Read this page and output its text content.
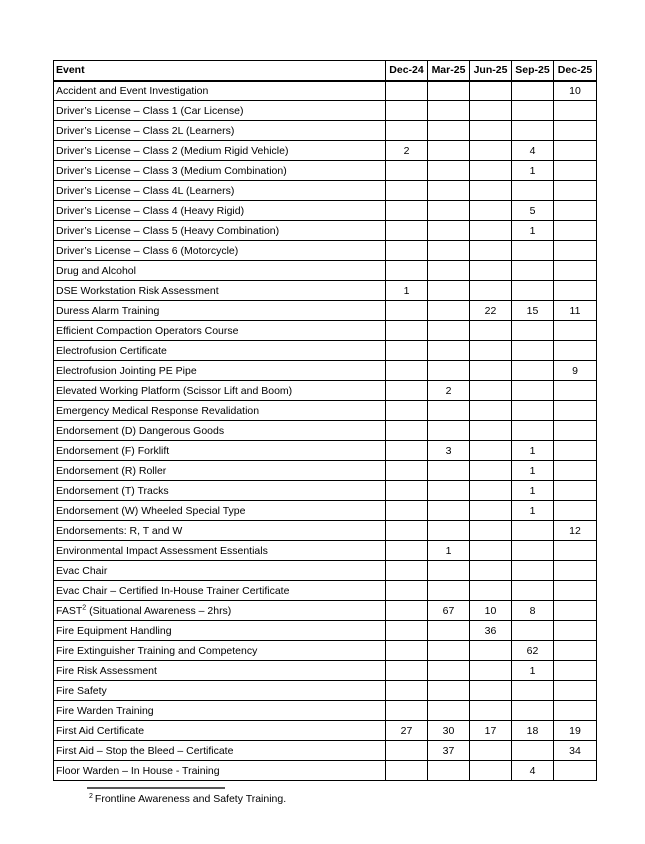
Event	Dec-24	Mar-25	Jun-25	Sep-25	Dec-25
Accident and Event Investigation					10
Driver’s License – Class 1 (Car License)					
Driver’s License – Class 2L (Learners)					
Driver’s License – Class 2 (Medium Rigid Vehicle)	2			4	
Driver’s License – Class 3 (Medium Combination)				1	
Driver’s License – Class 4L (Learners)					
Driver’s License – Class 4 (Heavy Rigid)				5	
Driver’s License – Class 5 (Heavy Combination)				1	
Driver’s License – Class 6 (Motorcycle)					
Drug and Alcohol					
DSE Workstation Risk Assessment	1				
Duress Alarm Training			22	15	11
Efficient Compaction Operators Course					
Electrofusion Certificate					
Electrofusion Jointing PE Pipe					9
Elevated Working Platform (Scissor Lift and Boom)		2			
Emergency Medical Response Revalidation					
Endorsement (D) Dangerous Goods					
Endorsement (F) Forklift		3		1	
Endorsement (R) Roller				1	
Endorsement (T) Tracks				1	
Endorsement (W) Wheeled Special Type				1	
Endorsements: R, T and W					12
Environmental Impact Assessment Essentials		1			
Evac Chair					
Evac Chair – Certified In-House Trainer Certificate					
FAST$^2$ (Situational Awareness – 2hrs)		67	10	8	
Fire Equipment Handling			36		
Fire Extinguisher Training and Competency				62	
Fire Risk Assessment				1	
Fire Safety					
Fire Warden Training					
First Aid Certificate	27	30	17	18	19
First Aid – Stop the Bleed – Certificate		37			34
Floor Warden – In House - Training				4	
$^2$ Frontline Awareness and Safety Training.
